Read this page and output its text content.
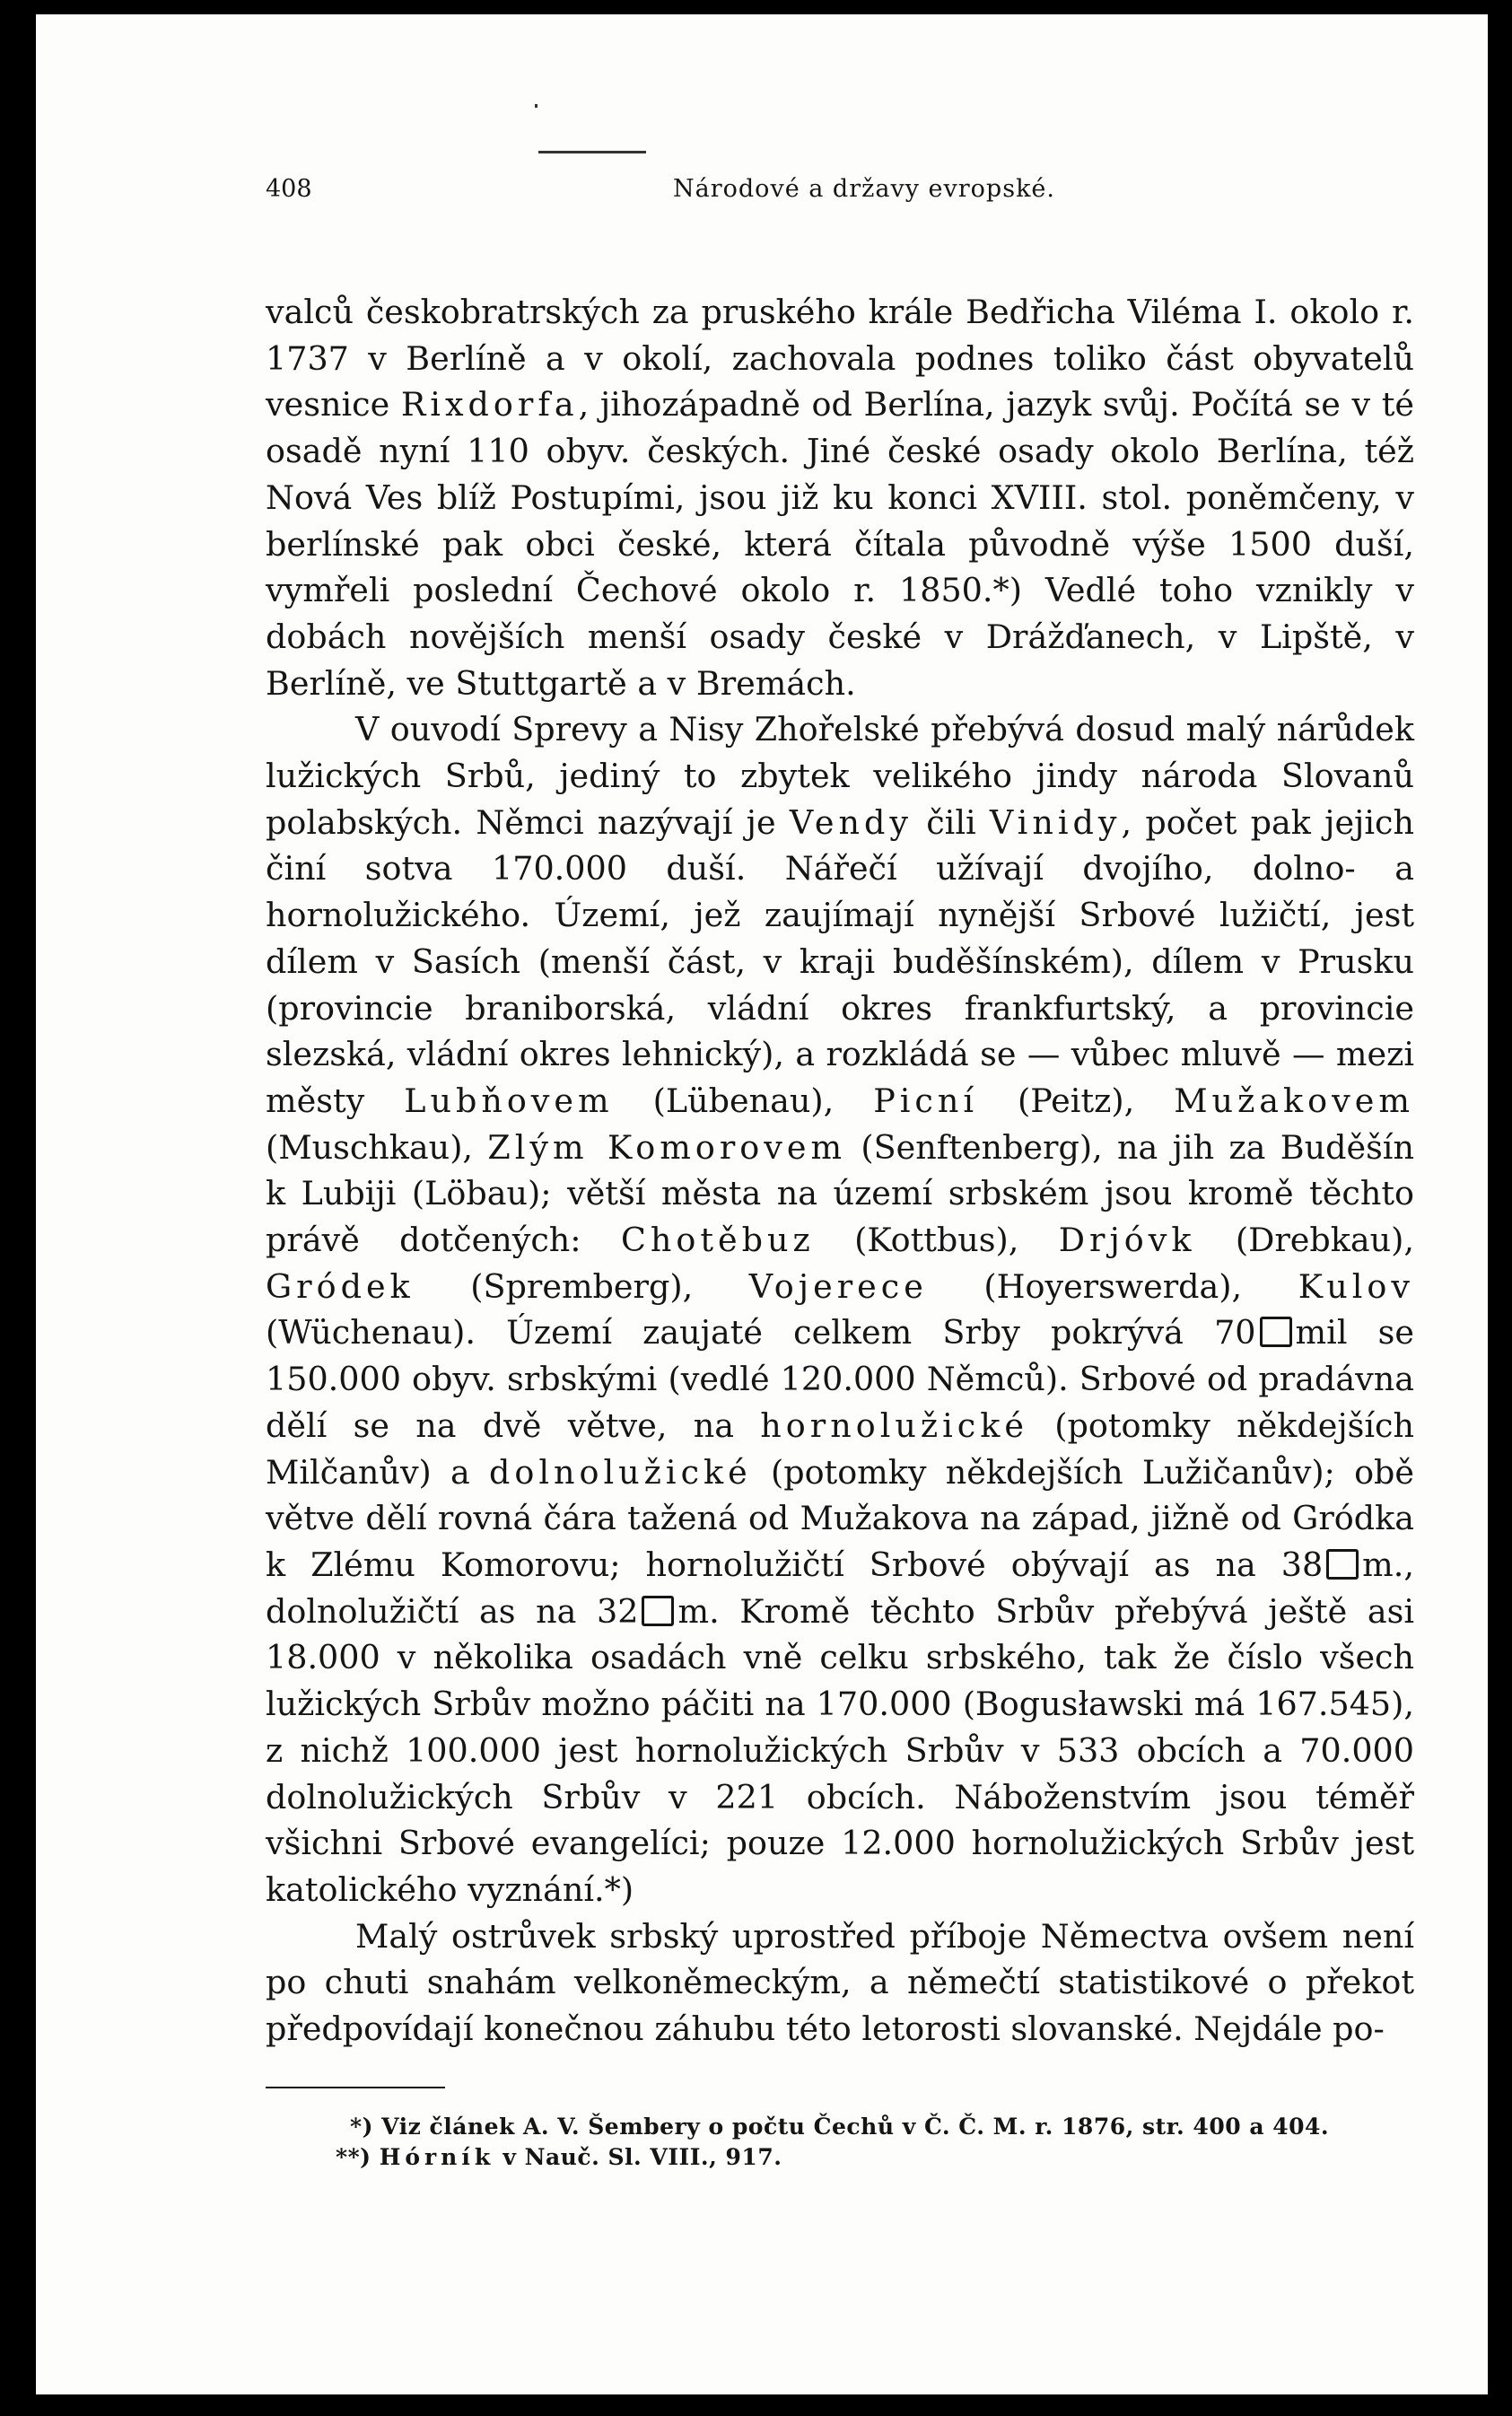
408	Národové a državy evropské.

valců českobratrských za pruského krále Bedřicha Viléma I. okolo r. 1737 v Berlíně a v okolí, zachovala podnes toliko část obyvatelů vesnice Rixdorfa, jihozápadně od Berlína, jazyk svůj. Počítá se v té osadě nyní 110 obyv. českých. Jiné české osady okolo Berlína, též Nová Ves blíž Postupími, jsou již ku konci XVIII. stol. poněmčeny, v berlínské pak obci české, která čítala původně výše 1500 duší, vymřeli poslední Čechové okolo r. 1850.*) Vedlé toho vznikly v dobách novějších menší osady české v Drážďanech, v Lipště, v Berlíně, ve Stuttgartě a v Bremách.

V ouvodí Sprevy a Nisy Zhořelské přebývá dosud malý nárůdek lužických Srbů, jediný to zbytek velikého jindy národa Slovanů polabských. Němci nazývají je Vendy čili Vinidy, počet pak jejich činí sotva 170.000 duší. Nářečí užívají dvojího, dolno- a hornolužického. Území, jež zaujímají nynější Srbové lužičtí, jest dílem v Sasích (menší část, v kraji buděšínském), dílem v Prusku (provincie braniborská, vládní okres frankfurtský, a provincie slezská, vládní okres lehnický), a rozkládá se — vůbec mluvě — mezi městy Lubňovem (Lübenau), Picní (Peitz), Mužakovem (Muschkau), Zlým Komorovem (Senftenberg), na jih za Buděšín k Lubiji (Löbau); větší města na území srbském jsou kromě těchto právě dotčených: Chotěbuz (Kottbus), Drjóvk (Drebkau), Gródek (Spremberg), Vojerece (Hoyerswerda), Kulov (Wüchenau). Území zaujaté celkem Srby pokrývá 70 mil se 150.000 obyv. srbskými (vedlé 120.000 Němců). Srbové od pradávna dělí se na dvě větve, na hornolužické (potomky někdejších Milčanův) a dolnolužické (potomky někdejších Lužičanův); obě větve dělí rovná čára tažená od Mužakova na západ, jižně od Gródka k Zlému Komorovu; hornolužičtí Srbové obývají as na 38 m., dolnolužičtí as na 32 m. Kromě těchto Srbův přebývá ještě asi 18.000 v několika osadách vně celku srbského, tak že číslo všech lužických Srbův možno páčiti na 170.000 (Bogusławski má 167.545), z nichž 100.000 jest hornolužických Srbův v 533 obcích a 70.000 dolnolužických Srbův v 221 obcích. Náboženstvím jsou téměř všichni Srbové evangelíci; pouze 12.000 hornolužických Srbův jest katolického vyznání.*)

Malý ostrůvek srbský uprostřed příboje Němectva ovšem není po chuti snahám velkoněmeckým, a němečtí statistikové o překot předpovídají konečnou záhubu této letorosti slovanské. Nejdále po-

*) Viz článek A. V. Šembery o počtu Čechů v Č. Č. M. r. 1876, str. 400 a 404.
**) Hórník v Nauč. Sl. VIII., 917.
